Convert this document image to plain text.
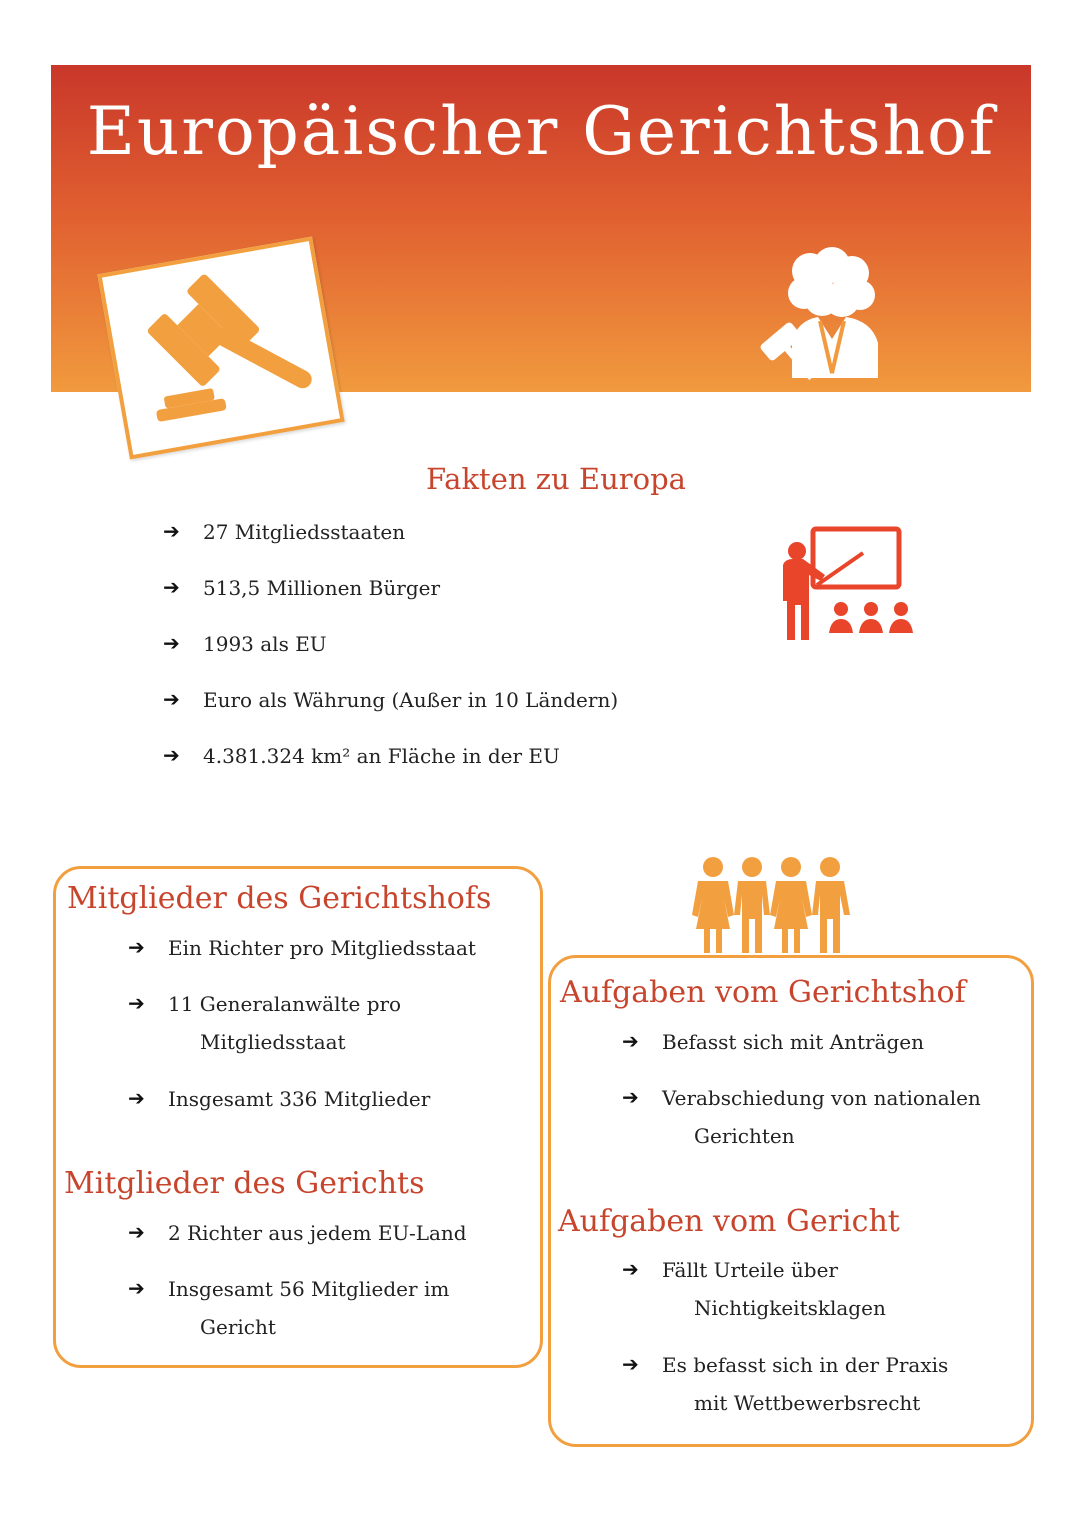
Europäischer Gerichtshof
Fakten zu Europa
➔ 27 Mitgliedsstaaten
➔ 513,5 Millionen Bürger
➔ 1993 als EU
➔ Euro als Währung (Außer in 10 Ländern)
➔ 4.381.324 km² an Fläche in der EU
Mitglieder des Gerichtshofs
➔ Ein Richter pro Mitgliedsstaat
➔ 11 Generalanwälte pro
Mitgliedsstaat
➔ Insgesamt 336 Mitglieder
Mitglieder des Gerichts
➔ 2 Richter aus jedem EU-Land
➔ Insgesamt 56 Mitglieder im
Gericht
Aufgaben vom Gerichtshof
➔ Befasst sich mit Anträgen
➔ Verabschiedung von nationalen
Gerichten
Aufgaben vom Gericht
➔ Fällt Urteile über
Nichtigkeitsklagen
➔ Es befasst sich in der Praxis
mit Wettbewerbsrecht
